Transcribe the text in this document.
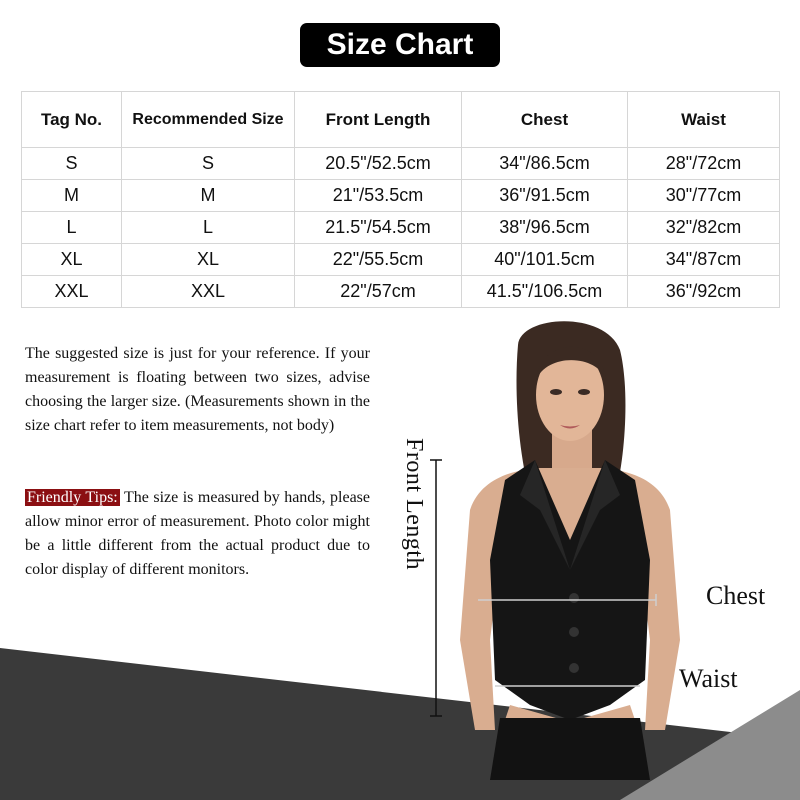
Size Chart
Tag No.	Recommended Size	Front Length	Chest	Waist
S	S	20.5"/52.5cm	34"/86.5cm	28"/72cm
M	M	21"/53.5cm	36"/91.5cm	30"/77cm
L	L	21.5"/54.5cm	38"/96.5cm	32"/82cm
XL	XL	22"/55.5cm	40"/101.5cm	34"/87cm
XXL	XXL	22"/57cm	41.5"/106.5cm	36"/92cm
The suggested size is just for your reference. If your measurement is floating between two sizes, advise choosing the larger size. (Measurements shown in the size chart refer to item measurements, not body)
Friendly Tips: The size is measured by hands, please allow minor error of measurement. Photo color might be a little different from the actual product due to color display of different monitors.	Front Length
Chest
Waist
